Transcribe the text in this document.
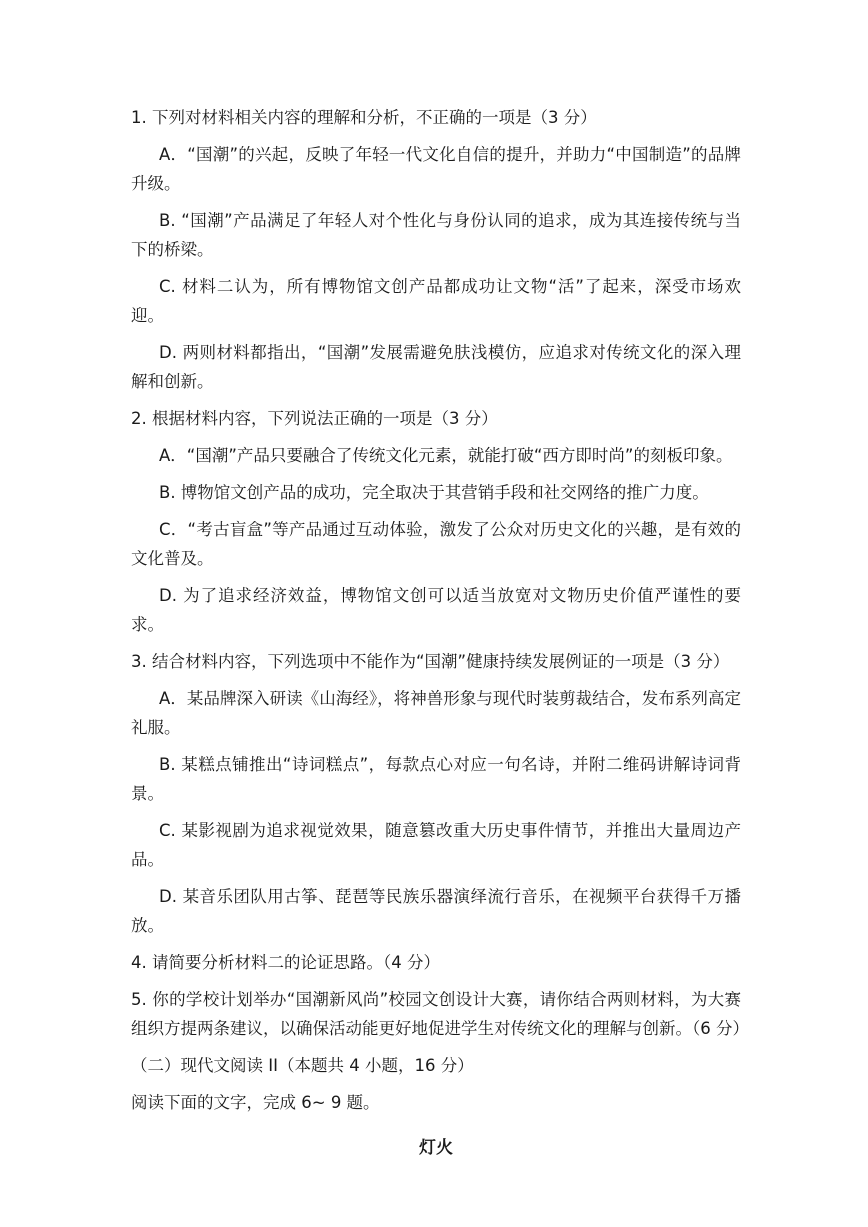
1. 下列对材料相关内容的理解和分析，不正确的一项是（3 分）

A．“国潮”的兴起，反映了年轻一代文化自信的提升，并助力“中国制造”的品牌升级。

B. “国潮”产品满足了年轻人对个性化与身份认同的追求，成为其连接传统与当下的桥梁。

C. 材料二认为，所有博物馆文创产品都成功让文物“活”了起来，深受市场欢迎。

D. 两则材料都指出，“国潮”发展需避免肤浅模仿，应追求对传统文化的深入理解和创新。

2. 根据材料内容，下列说法正确的一项是（3 分）

A．“国潮”产品只要融合了传统文化元素，就能打破“西方即时尚”的刻板印象。

B. 博物馆文创产品的成功，完全取决于其营销手段和社交网络的推广力度。

C．“考古盲盒”等产品通过互动体验，激发了公众对历史文化的兴趣，是有效的文化普及。

D. 为了追求经济效益，博物馆文创可以适当放宽对文物历史价值严谨性的要求。

3. 结合材料内容，下列选项中不能作为“国潮”健康持续发展例证的一项是（3 分）

A．某品牌深入研读《山海经》，将神兽形象与现代时装剪裁结合，发布系列高定礼服。

B. 某糕点铺推出“诗词糕点”，每款点心对应一句名诗，并附二维码讲解诗词背景。

C. 某影视剧为追求视觉效果，随意篡改重大历史事件情节，并推出大量周边产品。

D. 某音乐团队用古筝、琵琶等民族乐器演绎流行音乐，在视频平台获得千万播放。

4. 请简要分析材料二的论证思路。（4 分）

5. 你的学校计划举办“国潮新风尚”校园文创设计大赛，请你结合两则材料，为大赛组织方提两条建议，以确保活动能更好地促进学生对传统文化的理解与创新。（6 分）

（二）现代文阅读 II（本题共 4 小题，16 分）

阅读下面的文字，完成 6~ 9 题。

灯火
